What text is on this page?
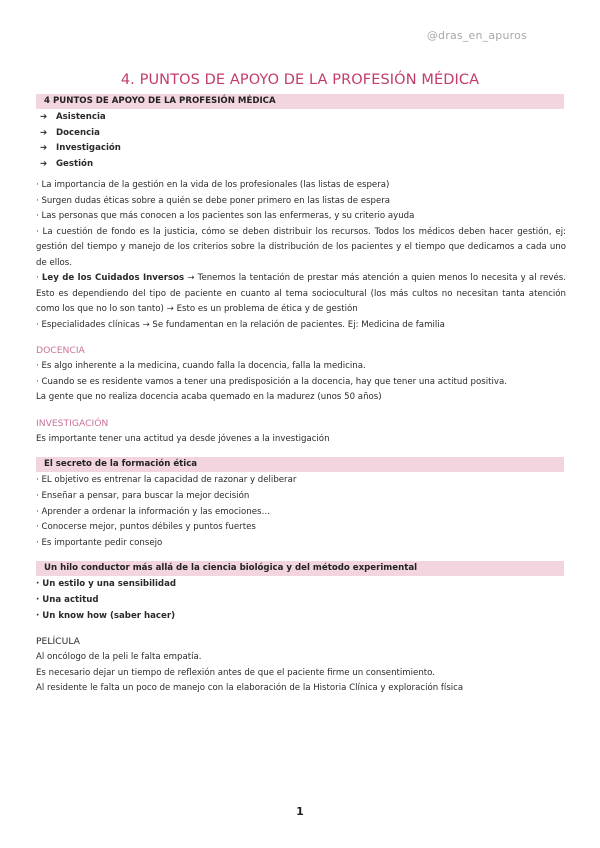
@dras_en_apuros
4. PUNTOS DE APOYO DE LA PROFESIÓN MÉDICA
4 PUNTOS DE APOYO DE LA PROFESIÓN MÉDICA
➔ Asistencia
➔ Docencia
➔ Investigación
➔ Gestión

· La importancia de la gestión en la vida de los profesionales (las listas de espera)

· Surgen dudas éticas sobre a quién se debe poner primero en las listas de espera

· Las personas que más conocen a los pacientes son las enfermeras, y su criterio ayuda

· La cuestión de fondo es la justicia, cómo se deben distribuir los recursos. Todos los médicos deben hacer gestión, ej: gestión del tiempo y manejo de los criterios sobre la distribución de los pacientes y el tiempo que dedicamos a cada uno de ellos.

· Ley de los Cuidados Inversos → Tenemos la tentación de prestar más atención a quien menos lo necesita y al revés. Esto es dependiendo del tipo de paciente en cuanto al tema sociocultural (los más cultos no necesitan tanta atención como los que no lo son tanto) → Esto es un problema de ética y de gestión

· Especialidades clínicas → Se fundamentan en la relación de pacientes. Ej: Medicina de familia

DOCENCIA

· Es algo inherente a la medicina, cuando falla la docencia, falla la medicina.

· Cuando se es residente vamos a tener una predisposición a la docencia, hay que tener una actitud positiva.

La gente que no realiza docencia acaba quemado en la madurez (unos 50 años)

INVESTIGACIÓN

Es importante tener una actitud ya desde jóvenes a la investigación

El secreto de la formación ética
· EL objetivo es entrenar la capacidad de razonar y deliberar
· Enseñar a pensar, para buscar la mejor decisión
· Aprender a ordenar la información y las emociones…
· Conocerse mejor, puntos débiles y puntos fuertes
· Es importante pedir consejo
Un hilo conductor más allá de la ciencia biológica y del método experimental
· Un estilo y una sensibilidad
· Una actitud
· Un know how (saber hacer)
PELÍCULA

Al oncólogo de la peli le falta empatía.

Es necesario dejar un tiempo de reflexión antes de que el paciente firme un consentimiento.

Al residente le falta un poco de manejo con la elaboración de la Historia Clínica y exploración física

1
